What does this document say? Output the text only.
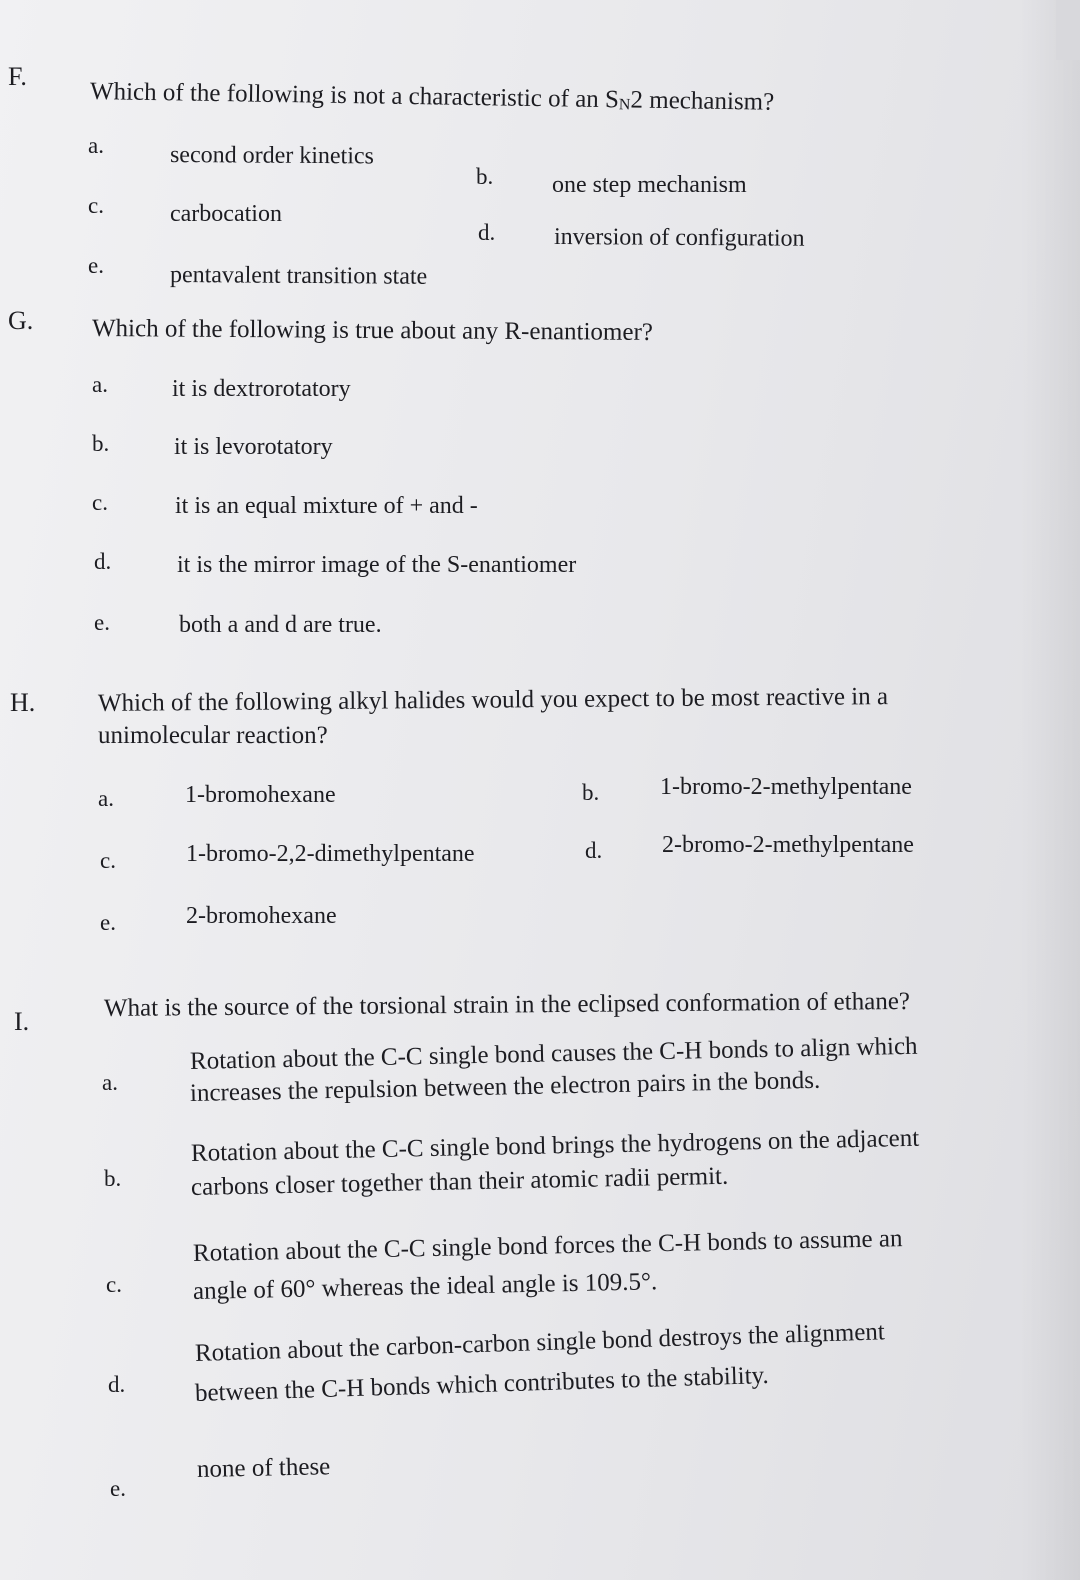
F.
Which of the following is not a characteristic of an SN2 mechanism?
a.	second order kinetics
b. one step mechanism
c.	carbocation
d. inversion of configuration
e.	pentavalent transition state
G. Which of the following is true about any R-enantiomer?
a.	it is dextrorotatory
b.	it is levorotatory
c.	it is an equal mixture of + and -
d.	it is the mirror image of the S-enantiomer
e.	both a and d are true.
H.	Which of the following alkyl halides would you expect to be most reactive in a
unimolecular reaction?
a.	1-bromohexane	b.	1-bromo-2-methylpentane
c.	1-bromo-2,2-dimethylpentane	d. 2-bromo-2-methylpentane
e.	2-bromohexane
I.	What is the source of the torsional strain in the eclipsed conformation of ethane?
a.
Rotation about the C-C single bond causes the C-H bonds to align which
increases the repulsion between the electron pairs in the bonds.
b.
Rotation about the C-C single bond brings the hydrogens on the adjacent
carbons closer together than their atomic radii permit.
c.
Rotation about the C-C single bond forces the C-H bonds to assume an
angle of 60° whereas the ideal angle is 109.5°.
d.
Rotation about the carbon-carbon single bond destroys the alignment
between the C-H bonds which contributes to the stability.
e.
none of these
